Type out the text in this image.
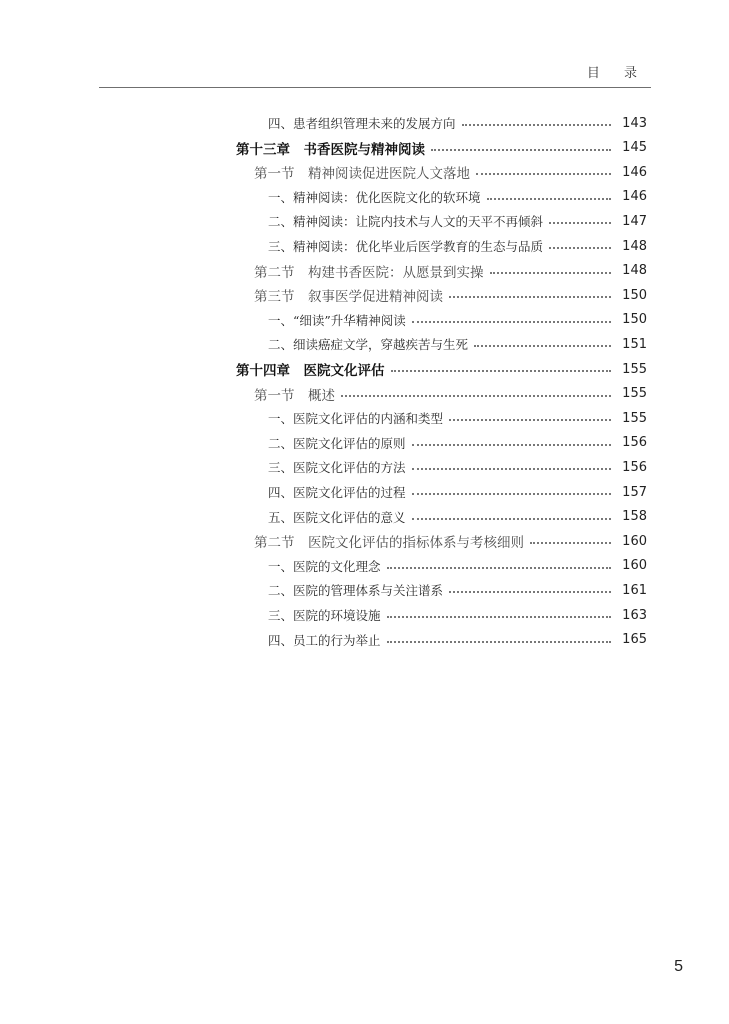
目 录
四、患者组织管理未来的发展方向	143
第十三章　书香医院与精神阅读	145
第一节　精神阅读促进医院人文落地	146
一、精神阅读：优化医院文化的软环境	146
二、精神阅读：让院内技术与人文的天平不再倾斜	147
三、精神阅读：优化毕业后医学教育的生态与品质	148
第二节　构建书香医院：从愿景到实操	148
第三节　叙事医学促进精神阅读	150
一、“细读”升华精神阅读	150
二、细读癌症文学，穿越疾苦与生死	151
第十四章　医院文化评估	155
第一节　概述	155
一、医院文化评估的内涵和类型	155
二、医院文化评估的原则	156
三、医院文化评估的方法	156
四、医院文化评估的过程	157
五、医院文化评估的意义	158
第二节　医院文化评估的指标体系与考核细则	160
一、医院的文化理念	160
二、医院的管理体系与关注谱系	161
三、医院的环境设施	163
四、员工的行为举止	165
5
